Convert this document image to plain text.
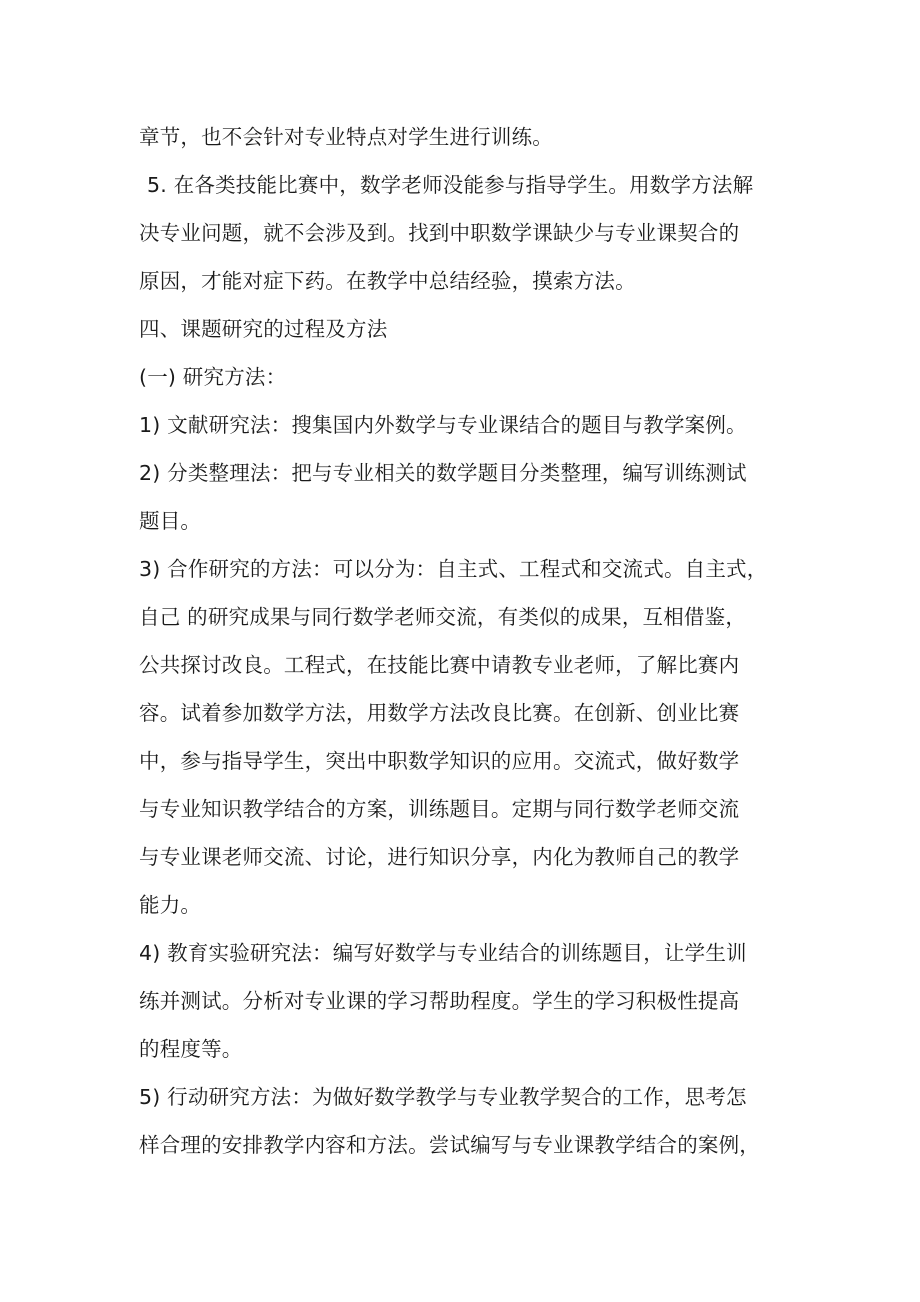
章节，也不会针对专业特点对学生进行训练。
5. 在各类技能比赛中，数学老师没能参与指导学生。用数学方法解
决专业问题，就不会涉及到。找到中职数学课缺少与专业课契合的
原因，才能对症下药。在教学中总结经验，摸索方法。
四、课题研究的过程及方法
(一) 研究方法：
1) 文献研究法：搜集国内外数学与专业课结合的题目与教学案例。
2) 分类整理法：把与专业相关的数学题目分类整理，编写训练测试
题目。
3) 合作研究的方法：可以分为：自主式、工程式和交流式。自主式，
自己 的研究成果与同行数学老师交流，有类似的成果，互相借鉴，
公共探讨改良。工程式，在技能比赛中请教专业老师，了解比赛内
容。试着参加数学方法，用数学方法改良比赛。在创新、创业比赛
中，参与指导学生，突出中职数学知识的应用。交流式，做好数学
与专业知识教学结合的方案，训练题目。定期与同行数学老师交流
与专业课老师交流、讨论，进行知识分享，内化为教师自己的教学
能力。
4) 教育实验研究法：编写好数学与专业结合的训练题目，让学生训
练并测试。分析对专业课的学习帮助程度。学生的学习积极性提高
的程度等。
5) 行动研究方法：为做好数学教学与专业教学契合的工作，思考怎
样合理的安排教学内容和方法。尝试编写与专业课教学结合的案例，
